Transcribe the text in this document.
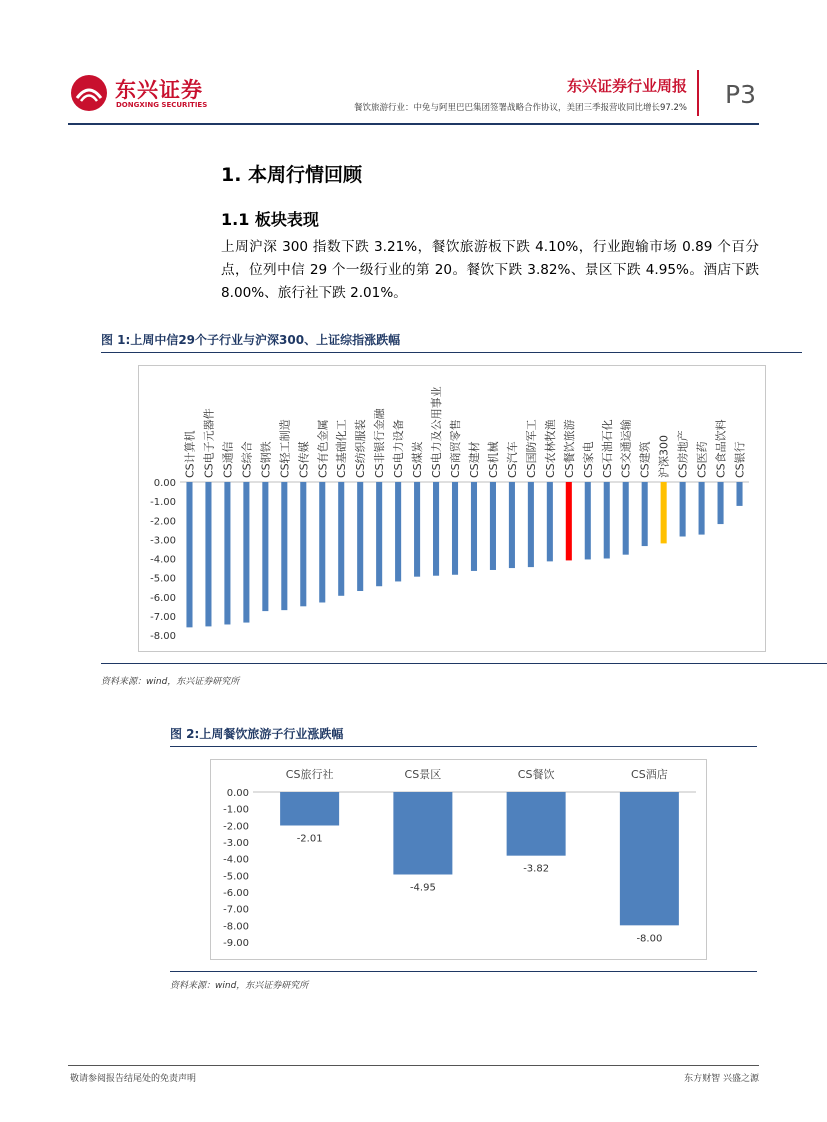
东兴证券
DONGXING SECURITIES
东兴证券行业周报
餐饮旅游行业：中免与阿里巴巴集团签署战略合作协议，美团三季报营收同比增长97.2% P3
1. 本周行情回顾
1.1 板块表现
上周沪深 300 指数下跌 3.21%，餐饮旅游板下跌 4.10%，行业跑输市场 0.89 个百分点，位列中信 29 个一级行业的第 20。餐饮下跌 3.82%、景区下跌 4.95%。酒店下跌 8.00%、旅行社下跌 2.01%。
图 1:上周中信29个子行业与沪深300、上证综指涨跌幅
0.00
-1.00
-2.00
-3.00
-4.00
-5.00
-6.00
-7.00
-8.00
CS计算机 CS电子元器件 CS通信 CS综合 CS钢铁 CS轻工制造 CS传媒 CS有色金属 CS基础化工 CS纺织服装 CS非银行金融 CS电力设备 CS煤炭 CS电力及公用事业 CS商贸零售 CS建材 CS机械 CS汽车 CS国防军工 CS农林牧渔 CS餐饮旅游 CS家电 CS石油石化 CS交通运输 CS建筑 沪深300 CS房地产 CS医药 CS食品饮料 CS银行
资料来源：wind，东兴证券研究所
图 2:上周餐饮旅游子行业涨跌幅
0.00
-1.00
-2.00
-3.00
-4.00
-5.00
-6.00
-7.00
-8.00
-9.00
CS旅行社
-2.01
CS景区
-4.95
CS餐饮
-3.82
CS酒店
-8.00
资料来源：wind，东兴证券研究所
敬请参阅报告结尾处的免责声明	东方财智 兴盛之源
